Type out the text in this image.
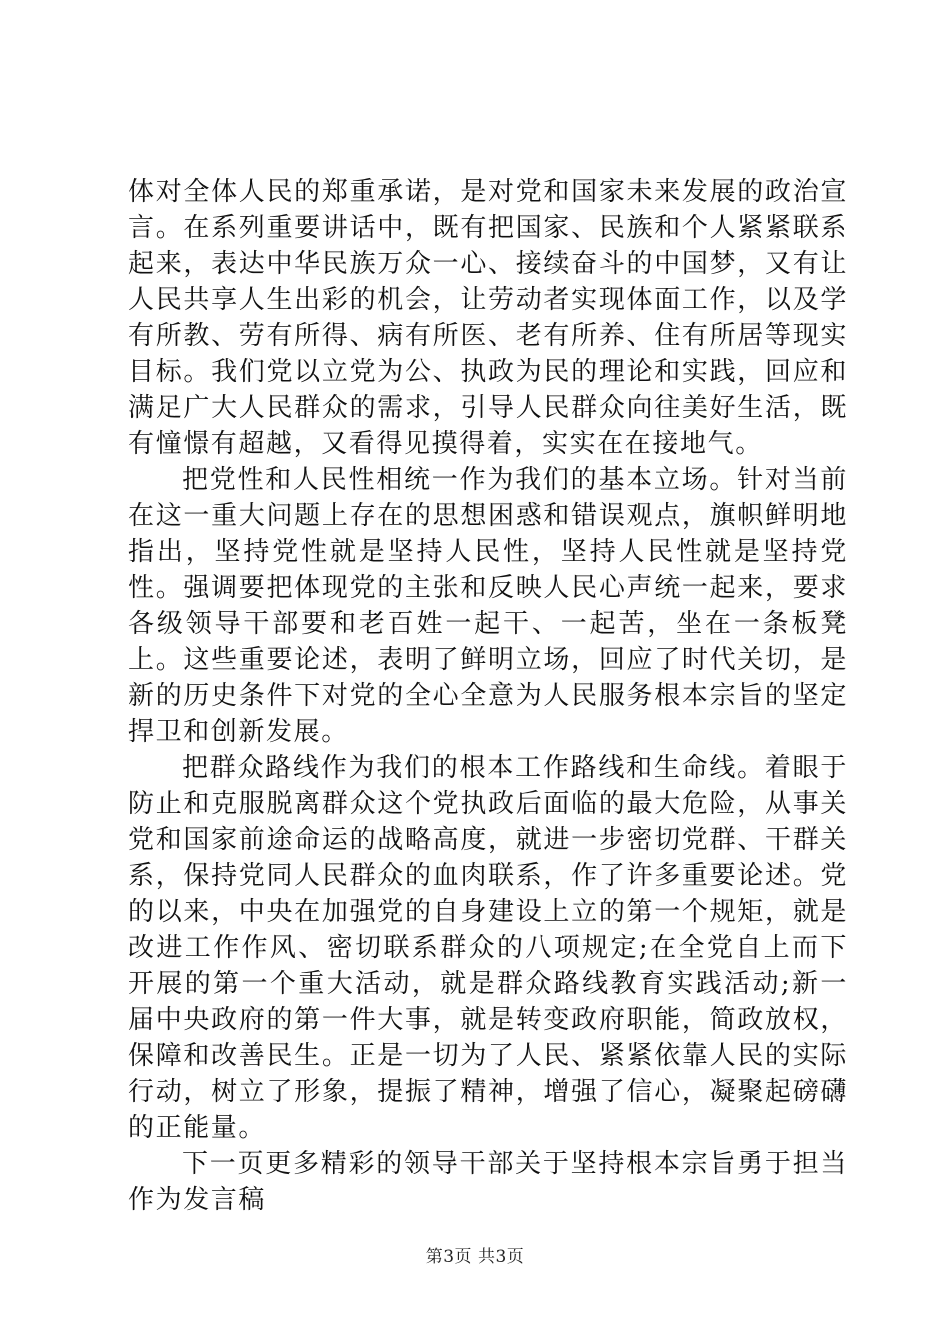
体对全体人民的郑重承诺，是对党和国家未来发展的政治宣言。在系列重要讲话中，既有把国家、民族和个人紧紧联系起来，表达中华民族万众一心、接续奋斗的中国梦，又有让人民共享人生出彩的机会，让劳动者实现体面工作，以及学有所教、劳有所得、病有所医、老有所养、住有所居等现实目标。我们党以立党为公、执政为民的理论和实践，回应和满足广大人民群众的需求，引导人民群众向往美好生活，既有憧憬有超越，又看得见摸得着，实实在在接地气。

把党性和人民性相统一作为我们的基本立场。针对当前在这一重大问题上存在的思想困惑和错误观点，旗帜鲜明地指出，坚持党性就是坚持人民性，坚持人民性就是坚持党性。强调要把体现党的主张和反映人民心声统一起来，要求各级领导干部要和老百姓一起干、一起苦，坐在一条板凳上。这些重要论述，表明了鲜明立场，回应了时代关切，是新的历史条件下对党的全心全意为人民服务根本宗旨的坚定捍卫和创新发展。

把群众路线作为我们的根本工作路线和生命线。着眼于防止和克服脱离群众这个党执政后面临的最大危险，从事关党和国家前途命运的战略高度，就进一步密切党群、干群关系，保持党同人民群众的血肉联系，作了许多重要论述。党的以来，中央在加强党的自身建设上立的第一个规矩，就是改进工作作风、密切联系群众的八项规定;在全党自上而下开展的第一个重大活动，就是群众路线教育实践活动;新一届中央政府的第一件大事，就是转变政府职能，简政放权，保障和改善民生。正是一切为了人民、紧紧依靠人民的实际行动，树立了形象，提振了精神，增强了信心，凝聚起磅礴的正能量。

下一页更多精彩的领导干部关于坚持根本宗旨勇于担当作为发言稿

第3页 共3页
